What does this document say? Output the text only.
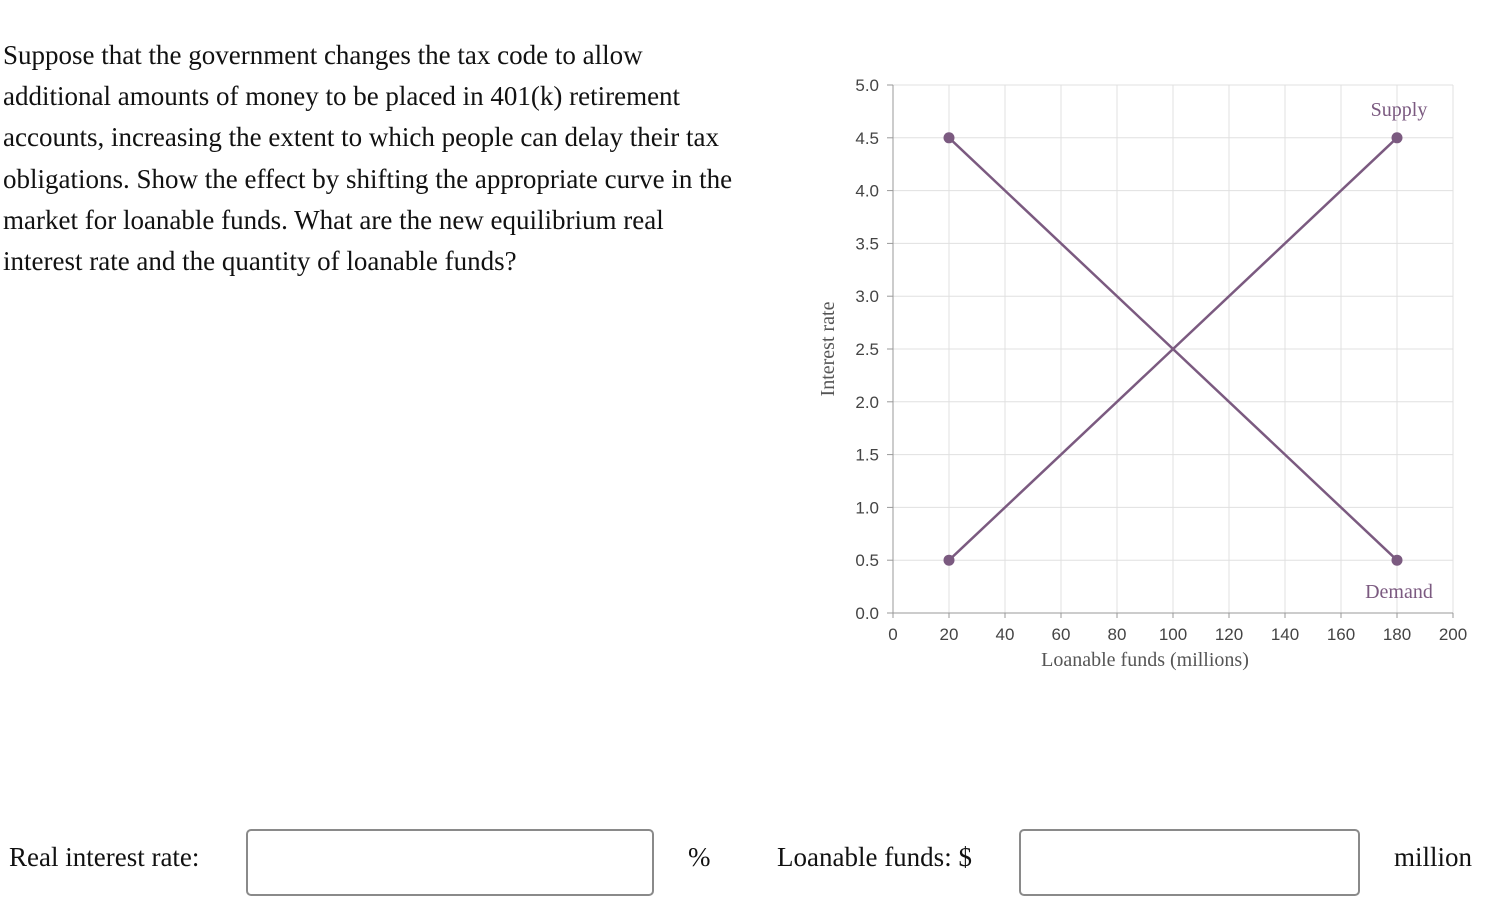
Suppose that the government changes the tax code to allow additional amounts of money to be placed in 401(k) retirement accounts, increasing the extent to which people can delay their tax obligations. Show the effect by shifting the appropriate curve in the market for loanable funds. What are the new equilibrium real interest rate and the quantity of loanable funds?

0.0
0.5
1.0
1.5
2.0
2.5
3.0
3.5
4.0
4.5
5.0
0 20 40 60 80 100 120 140 160 180 200
Supply
Demand
Loanable funds (millions)
Interest rate
Real interest rate:	% Loanable funds: $	million
